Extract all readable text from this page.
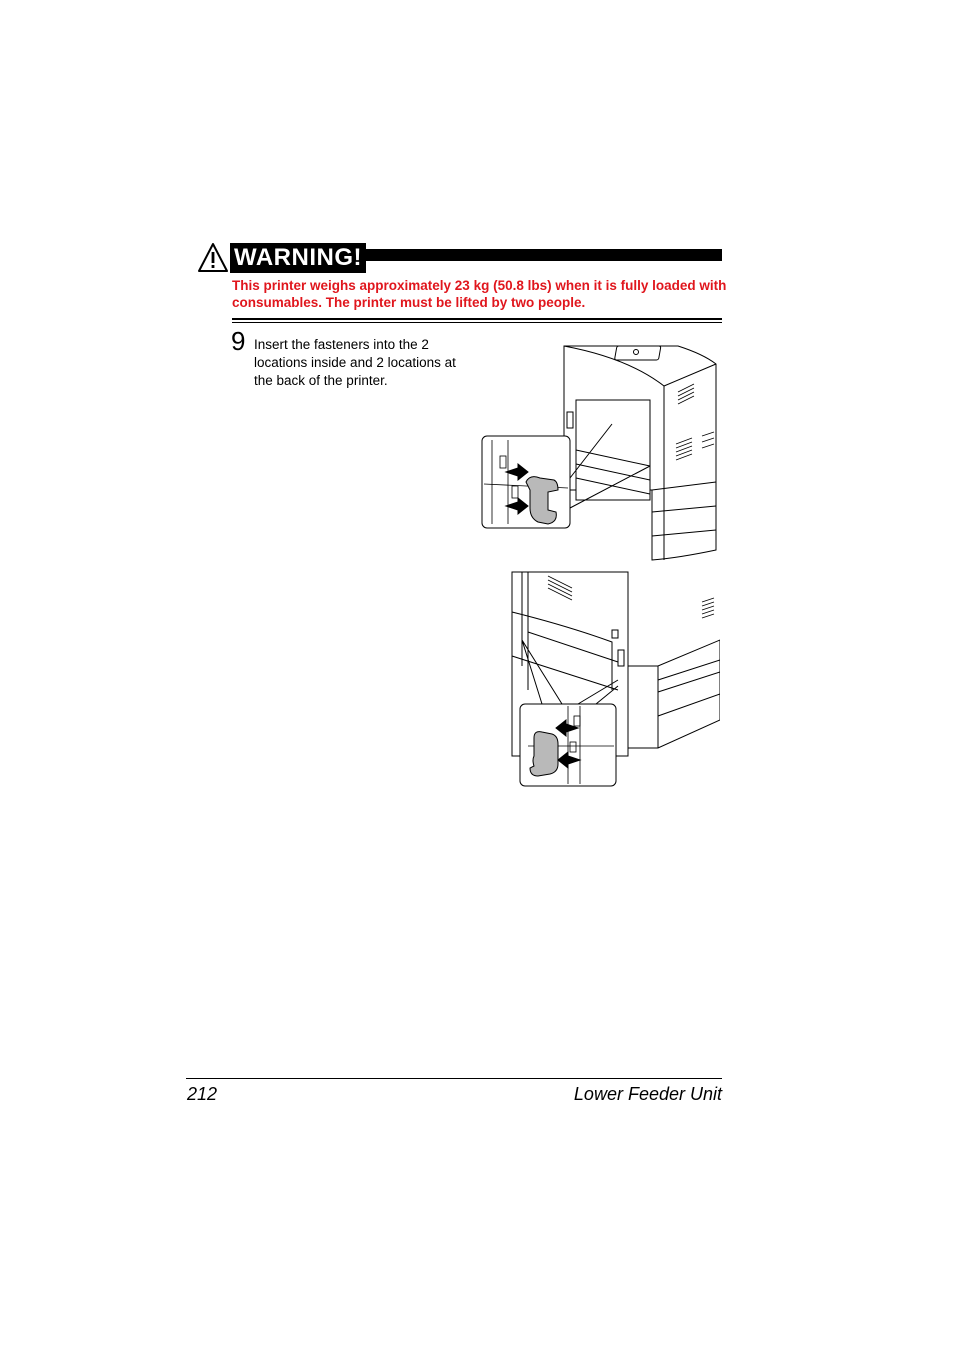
WARNING!
This printer weighs approximately 23 kg (50.8 lbs) when it is fully loaded with consumables. The printer must be lifted by two people.
9 Insert the fasteners into the 2 locations inside and 2 locations at the back of the printer.
212	Lower Feeder Unit
